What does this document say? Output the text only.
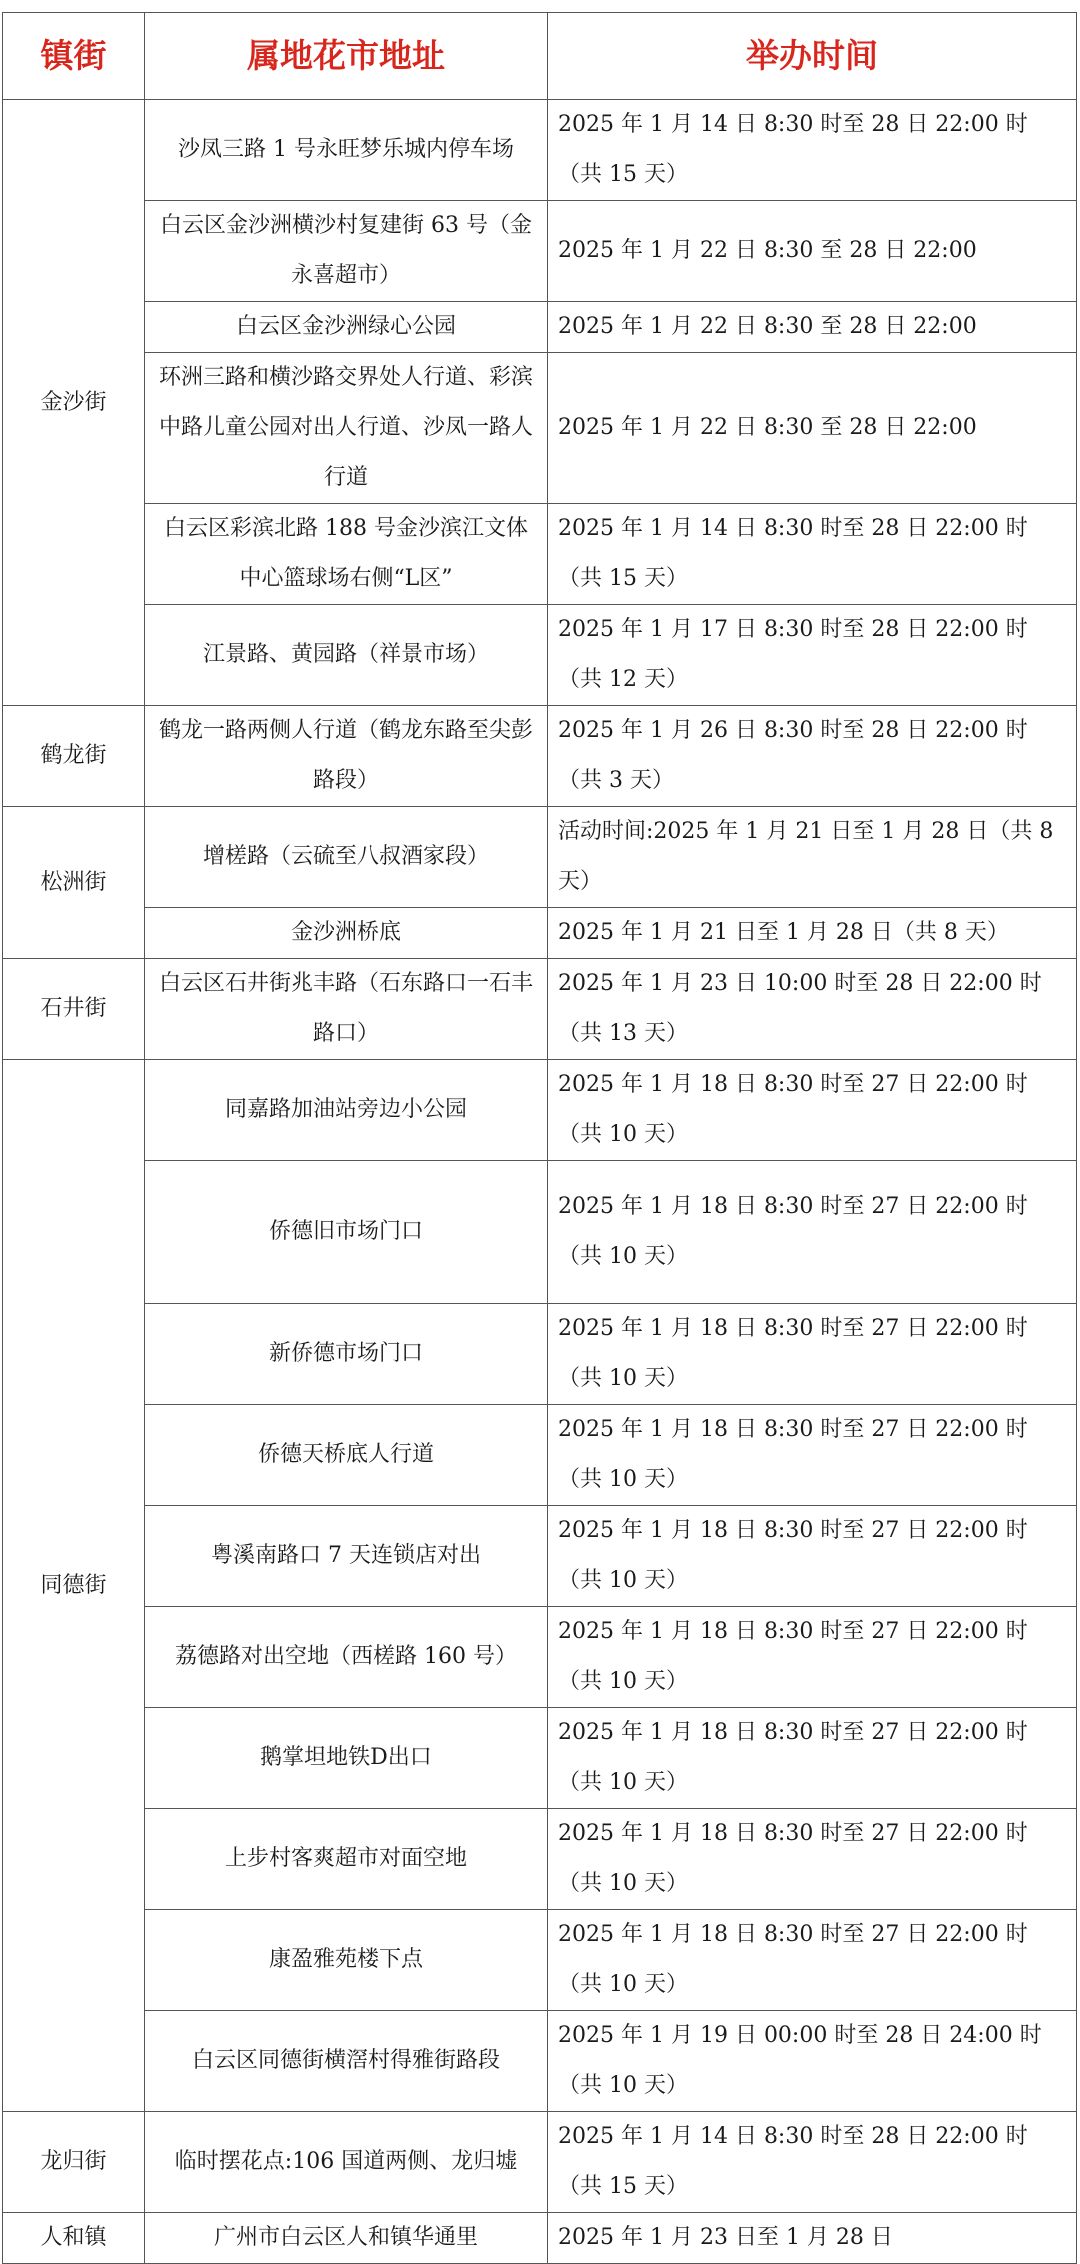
镇街	属地花市地址	举办时间
金沙街	沙凤三路 1 号永旺梦乐城内停车场	2025 年 1 月 14 日 8:30 时至 28 日 22:00 时（共 15 天）
	白云区金沙洲横沙村复建街 63 号（金永喜超市）	2025 年 1 月 22 日 8:30 至 28 日 22:00
	白云区金沙洲绿心公园	2025 年 1 月 22 日 8:30 至 28 日 22:00
	环洲三路和横沙路交界处人行道、彩滨中路儿童公园对出人行道、沙凤一路人行道	2025 年 1 月 22 日 8:30 至 28 日 22:00
	白云区彩滨北路 188 号金沙滨江文体中心篮球场右侧“L区”	2025 年 1 月 14 日 8:30 时至 28 日 22:00 时（共 15 天）
	江景路、黄园路（祥景市场）	2025 年 1 月 17 日 8:30 时至 28 日 22:00 时（共 12 天）
鹤龙街	鹤龙一路两侧人行道（鹤龙东路至尖彭路段）	2025 年 1 月 26 日 8:30 时至 28 日 22:00 时（共 3 天）
松洲街	增槎路（云硫至八叔酒家段）	活动时间:2025 年 1 月 21 日至 1 月 28 日（共 8 天）
	金沙洲桥底	2025 年 1 月 21 日至 1 月 28 日（共 8 天）
石井街	白云区石井街兆丰路（石东路口一石丰路口）	2025 年 1 月 23 日 10:00 时至 28 日 22:00 时（共 13 天）
同德街	同嘉路加油站旁边小公园	2025 年 1 月 18 日 8:30 时至 27 日 22:00 时（共 10 天）
	侨德旧市场门口	2025 年 1 月 18 日 8:30 时至 27 日 22:00 时（共 10 天）
	新侨德市场门口	2025 年 1 月 18 日 8:30 时至 27 日 22:00 时（共 10 天）
	侨德天桥底人行道	2025 年 1 月 18 日 8:30 时至 27 日 22:00 时（共 10 天）
	粤溪南路口 7 天连锁店对出	2025 年 1 月 18 日 8:30 时至 27 日 22:00 时（共 10 天）
	荔德路对出空地（西槎路 160 号）	2025 年 1 月 18 日 8:30 时至 27 日 22:00 时（共 10 天）
	鹅掌坦地铁D出口	2025 年 1 月 18 日 8:30 时至 27 日 22:00 时（共 10 天）
	上步村客爽超市对面空地	2025 年 1 月 18 日 8:30 时至 27 日 22:00 时（共 10 天）
	康盈雅苑楼下点	2025 年 1 月 18 日 8:30 时至 27 日 22:00 时（共 10 天）
	白云区同德街横滘村得雅街路段	2025 年 1 月 19 日 00:00 时至 28 日 24:00 时（共 10 天）
龙归街	临时摆花点:106 国道两侧、龙归墟	2025 年 1 月 14 日 8:30 时至 28 日 22:00 时（共 15 天）
人和镇	广州市白云区人和镇华通里	2025 年 1 月 23 日至 1 月 28 日
